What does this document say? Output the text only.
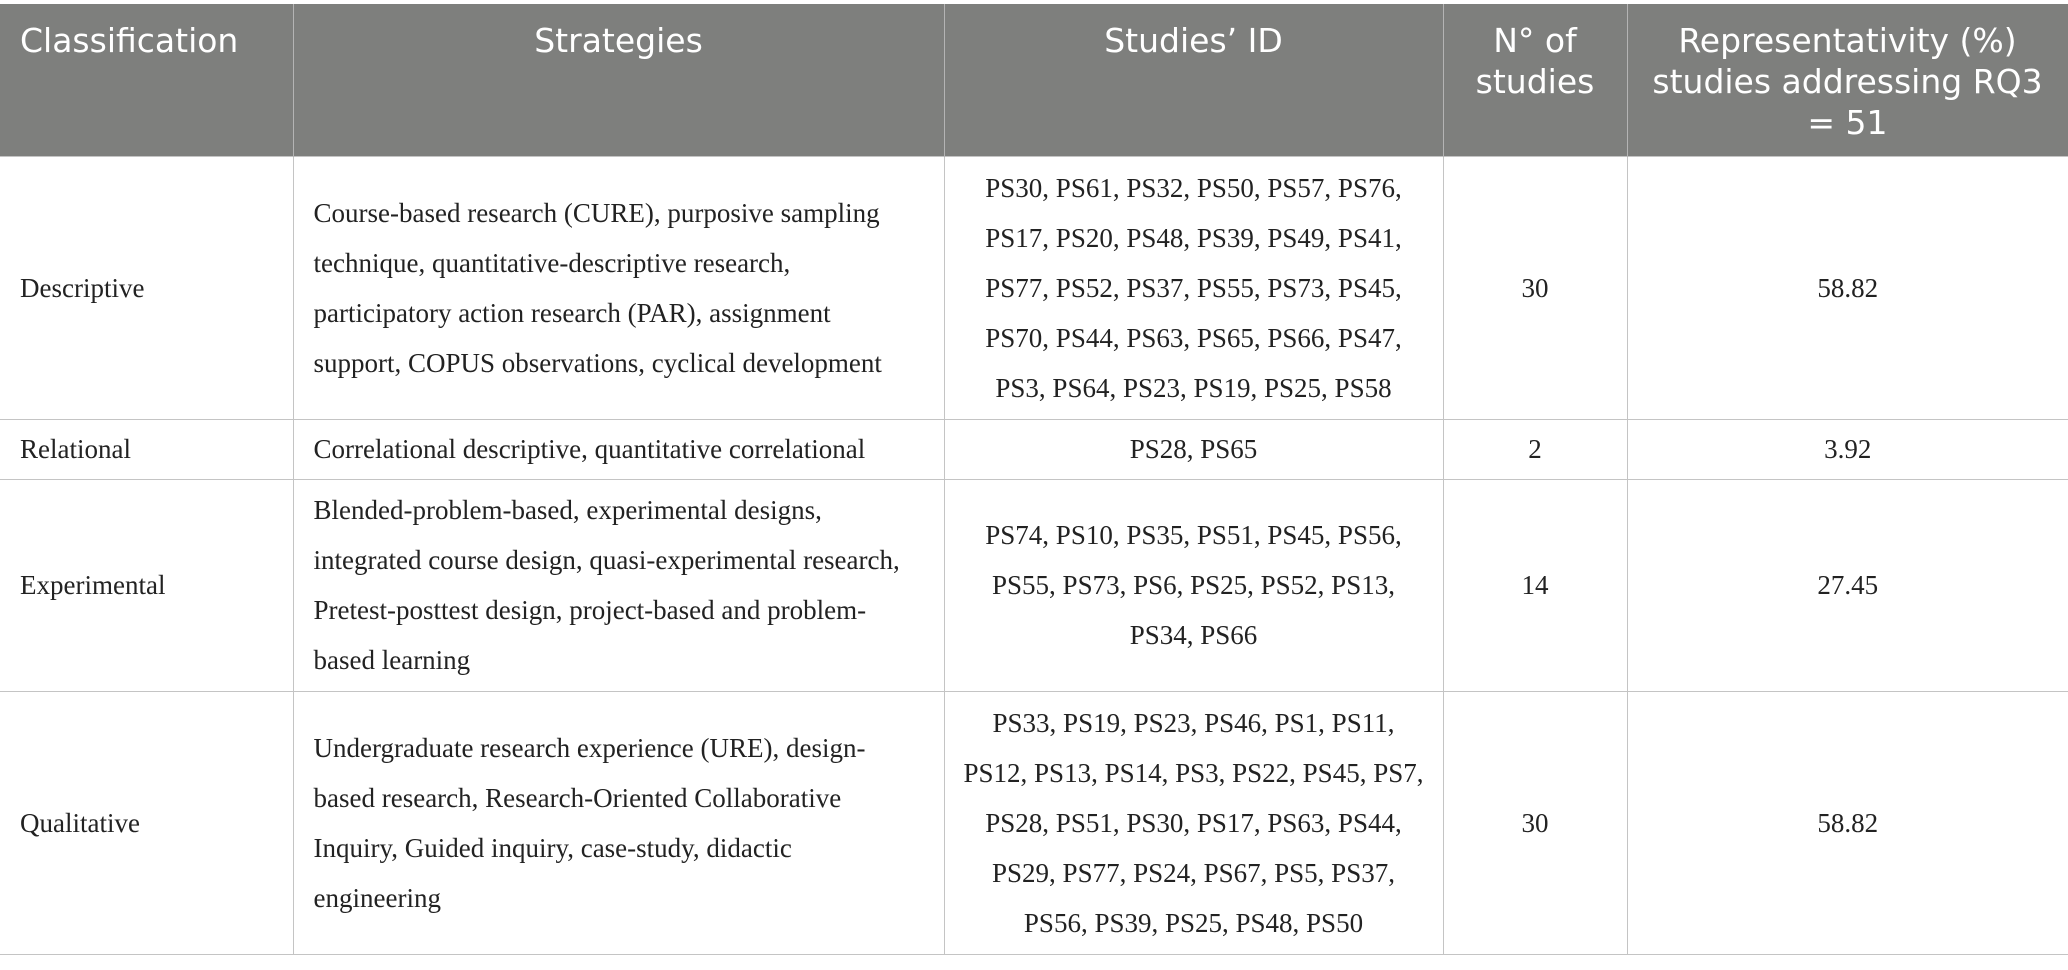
Classification	Strategies	Studies’ ID	N° of studies	Representativity (%) studies addressing RQ3 = 51
Descriptive	Course-based research (CURE), purposive sampling technique, quantitative-descriptive research, participatory action research (PAR), assignment support, COPUS observations, cyclical development	PS30, PS61, PS32, PS50, PS57, PS76, PS17, PS20, PS48, PS39, PS49, PS41, PS77, PS52, PS37, PS55, PS73, PS45, PS70, PS44, PS63, PS65, PS66, PS47, PS3, PS64, PS23, PS19, PS25, PS58	30	58.82
Relational	Correlational descriptive, quantitative correlational	PS28, PS65	2	3.92
Experimental	Blended-problem-based, experimental designs, integrated course design, quasi-experimental research, Pretest-posttest design, project-based and problem-based learning	PS74, PS10, PS35, PS51, PS45, PS56, PS55, PS73, PS6, PS25, PS52, PS13, PS34, PS66	14	27.45
Qualitative	Undergraduate research experience (URE), design-based research, Research-Oriented Collaborative Inquiry, Guided inquiry, case-study, didactic engineering	PS33, PS19, PS23, PS46, PS1, PS11, PS12, PS13, PS14, PS3, PS22, PS45, PS7, PS28, PS51, PS30, PS17, PS63, PS44, PS29, PS77, PS24, PS67, PS5, PS37, PS56, PS39, PS25, PS48, PS50	30	58.82
